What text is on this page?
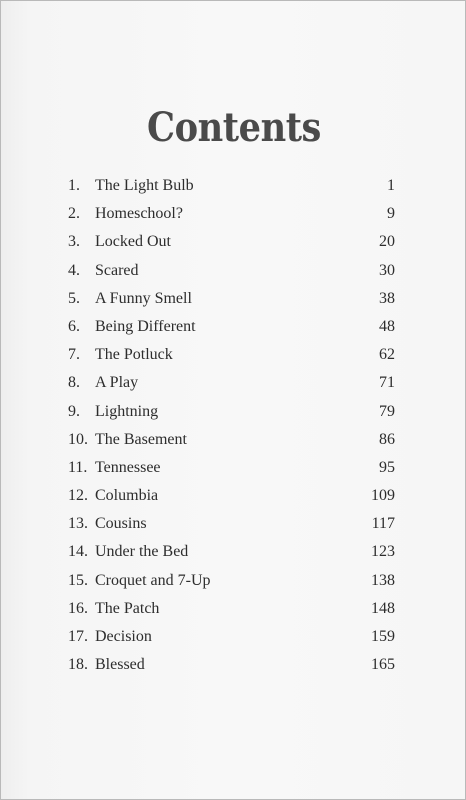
Contents
1. The Light Bulb	1
2. Homeschool?	9
3. Locked Out	20
4. Scared	30
5. A Funny Smell	38
6. Being Different	48
7. The Potluck	62
8. A Play	71
9. Lightning	79
10. The Basement	86
11. Tennessee	95
12. Columbia	109
13. Cousins	117
14. Under the Bed	123
15. Croquet and 7-Up	138
16. The Patch	148
17. Decision	159
18. Blessed	165
